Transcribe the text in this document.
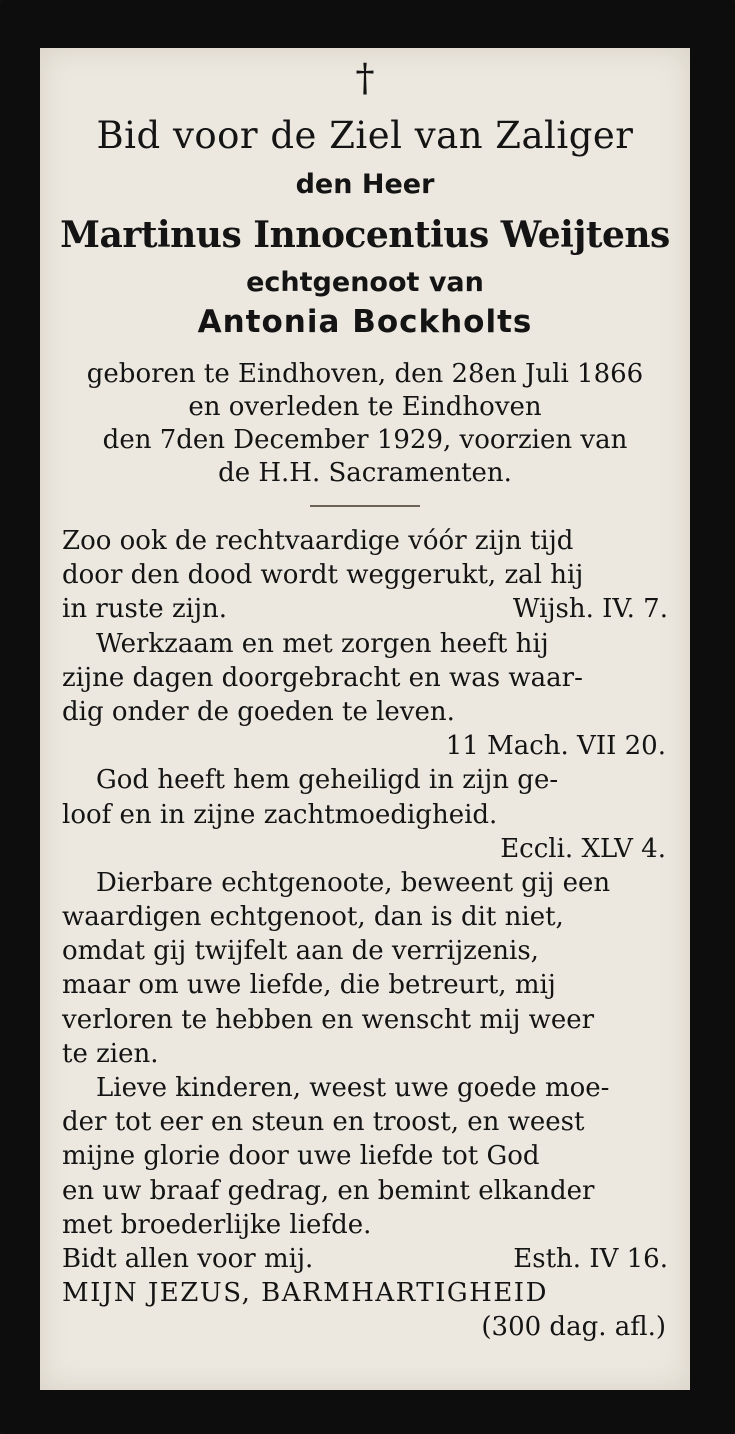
†
Bid voor de Ziel van Zaliger
den Heer
Martinus Innocentius Weijtens
echtgenoot van
Antonia Bockholts
geboren te Eindhoven, den 28en Juli 1866
en overleden te Eindhoven
den 7den December 1929, voorzien van
de H.H. Sacramenten.
Zoo ook de rechtvaardige vóór zijn tijd
door den dood wordt weggerukt, zal hij
in ruste zijn.	Wijsh. IV. 7.
Werkzaam en met zorgen heeft hij
zijne dagen doorgebracht en was waar-
dig onder de goeden te leven.
11 Mach. VII 20.
God heeft hem geheiligd in zijn ge-
loof en in zijne zachtmoedigheid.
Eccli. XLV 4.
Dierbare echtgenoote, beweent gij een
waardigen echtgenoot, dan is dit niet,
omdat gij twijfelt aan de verrijzenis,
maar om uwe liefde, die betreurt, mij
verloren te hebben en wenscht mij weer
te zien.
Lieve kinderen, weest uwe goede moe-
der tot eer en steun en troost, en weest
mijne glorie door uwe liefde tot God
en uw braaf gedrag, en bemint elkander
met broederlijke liefde.
Bidt allen voor mij.	Esth. IV 16.
MIJN JEZUS, BARMHARTIGHEID
(300 dag. afl.)
